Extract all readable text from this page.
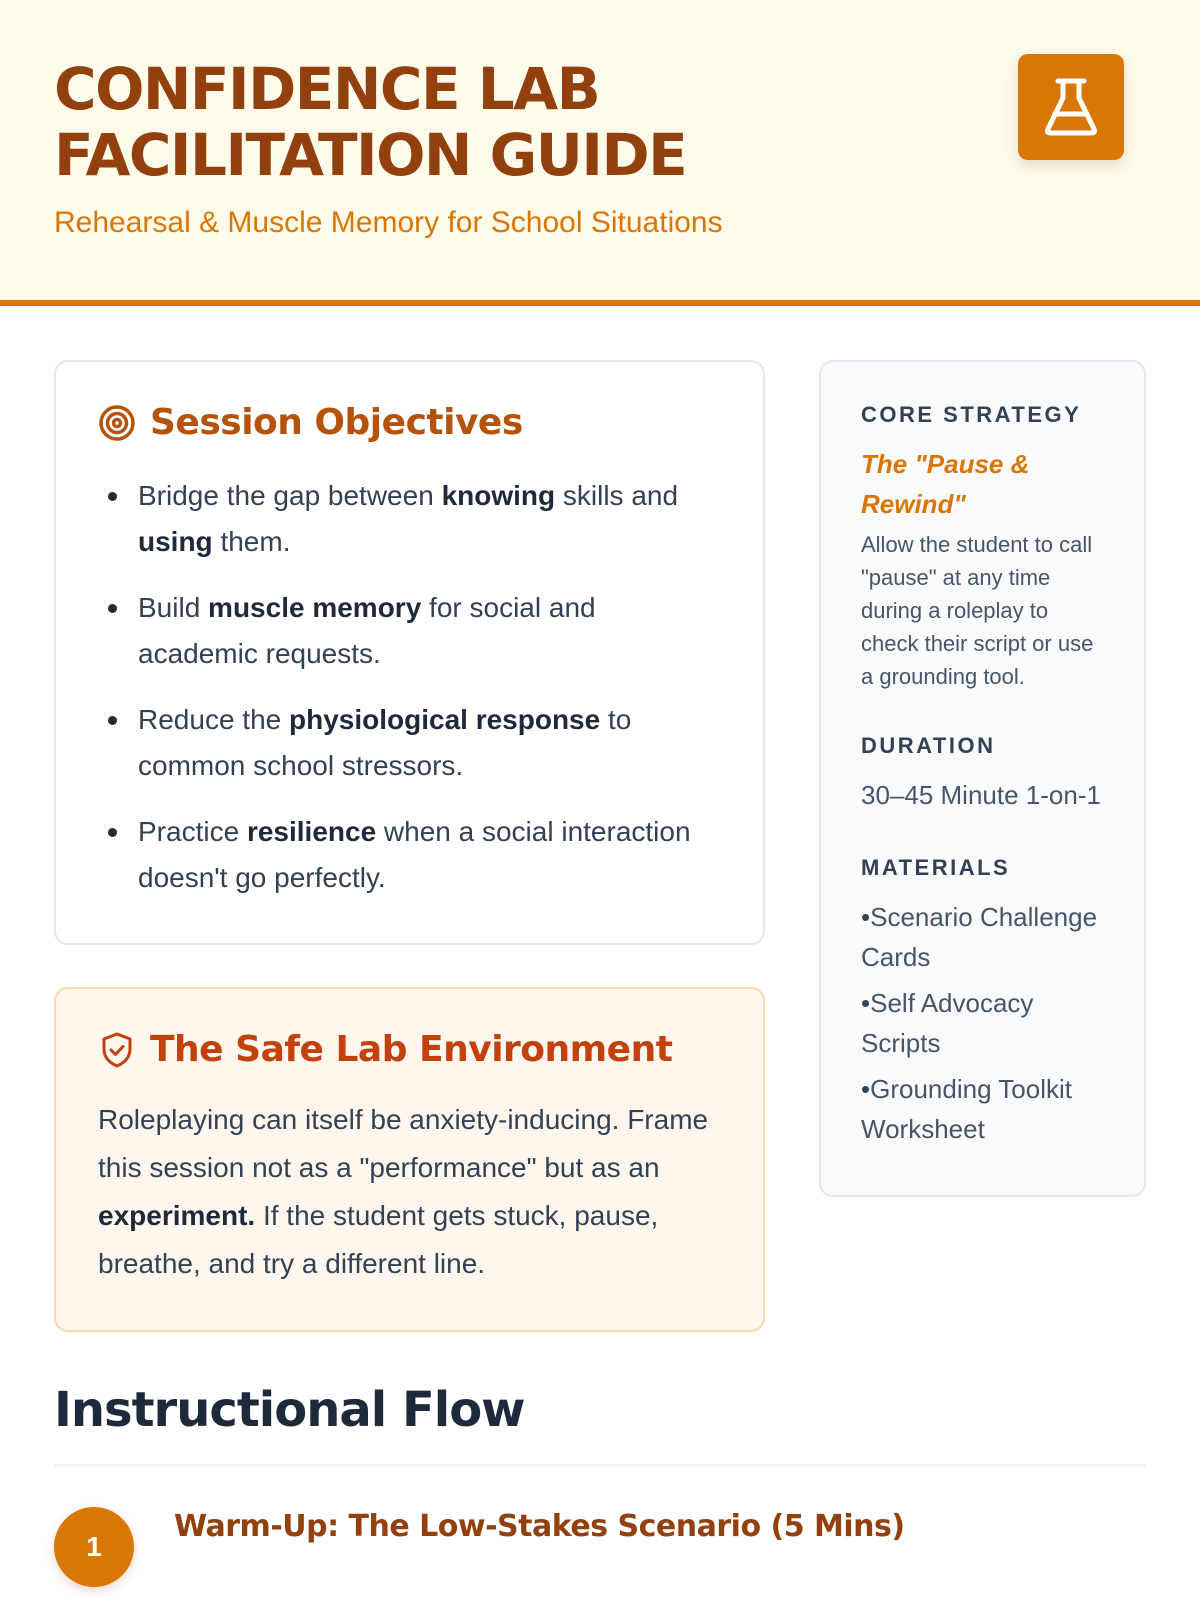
CONFIDENCE LAB FACILITATION GUIDE
Rehearsal & Muscle Memory for School Situations
Session Objectives
Bridge the gap between knowing skills and using them.
Build muscle memory for social and academic requests.
Reduce the physiological response to common school stressors.
Practice resilience when a social interaction doesn't go perfectly.
The Safe Lab Environment

Roleplaying can itself be anxiety-inducing. Frame this session not as a "performance" but as an experiment. If the student gets stuck, pause, breathe, and try a different line.

CORE STRATEGY
The "Pause & Rewind"
Allow the student to call "pause" at any time during a roleplay to check their script or use a grounding tool.
DURATION
30–45 Minute 1-on-1
MATERIALS
• Scenario Challenge Cards
• Self Advocacy Scripts
• Grounding Toolkit Worksheet
Instructional Flow
1
Warm-Up: The Low-Stakes Scenario (5 Mins)
